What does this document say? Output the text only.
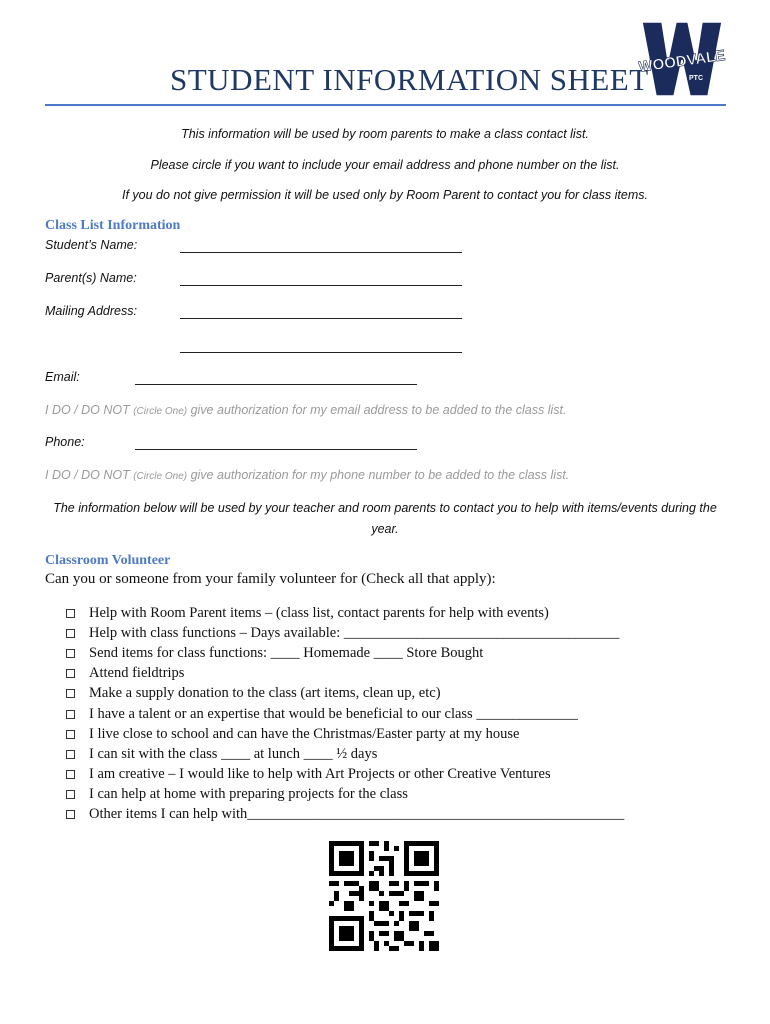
STUDENT INFORMATION SHEET
WOODVALE
PTC
This information will be used by room parents to make a class contact list.
Please circle if you want to include your email address and phone number on the list.
If you do not give permission it will be used only by Room Parent to contact you for class items.
Class List Information
Student’s Name:
Parent(s) Name:
Mailing Address:
Email:
I DO / DO NOT (Circle One) give authorization for my email address to be added to the class list.
Phone:
I DO / DO NOT (Circle One) give authorization for my phone number to be added to the class list.
The information below will be used by your teacher and room parents to contact you to help with items/events during the year.
Classroom Volunteer
Can you or someone from your family volunteer for (Check all that apply):
Help with Room Parent items – (class list, contact parents for help with events)
Help with class functions – Days available: ______________________________________
Send items for class functions: ____ Homemade ____ Store Bought
Attend fieldtrips
Make a supply donation to the class (art items, clean up, etc)
I have a talent or an expertise that would be beneficial to our class ______________
I live close to school and can have the Christmas/Easter party at my house
I can sit with the class ____ at lunch ____ ½ days
I am creative – I would like to help with Art Projects or other Creative Ventures
I can help at home with preparing projects for the class
Other items I can help with____________________________________________________
